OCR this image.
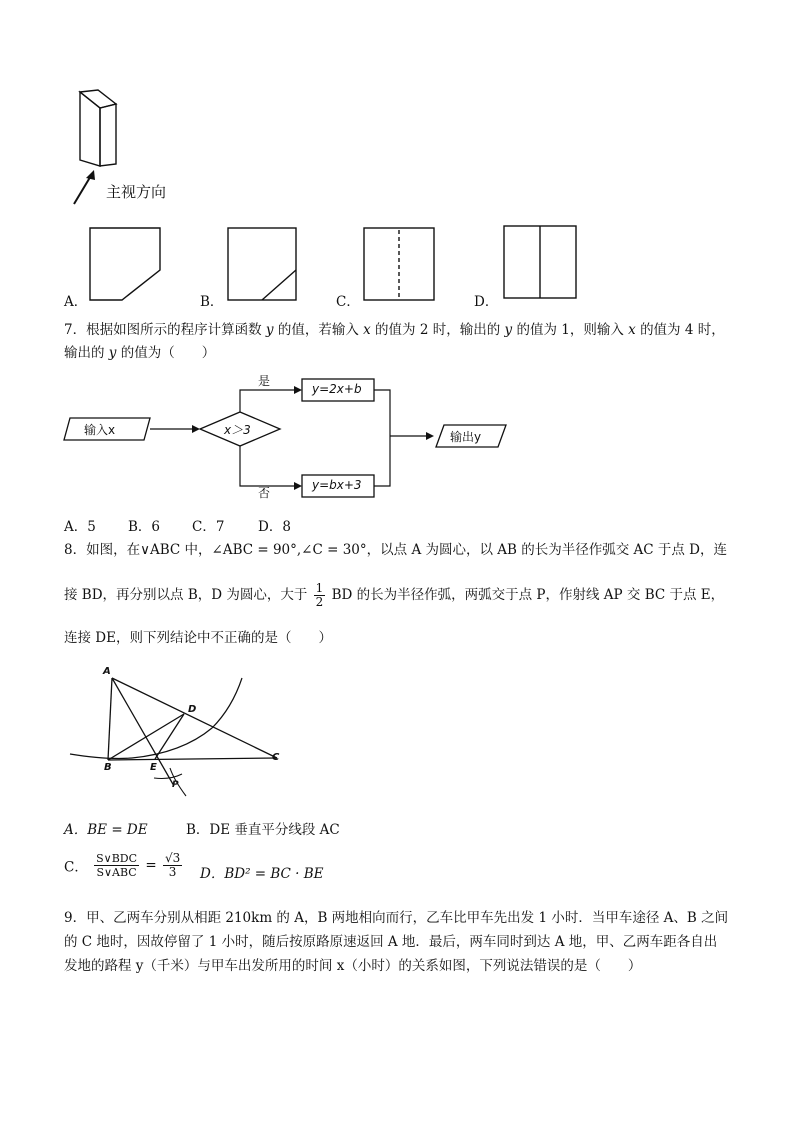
主视方向
A．	B．	C．	D．
7．根据如图所示的程序计算函数 y 的值，若输入 x 的值为 2 时，输出的 y 的值为 1，则输入 x 的值为 4 时，
输出的 y 的值为（　　）
输入x	x＞3
是
否
y=2x+b
y=bx+3
输出y
A．5 B．6 C．7 D．8
8．如图，在∨ABC 中，∠ABC = 90°,∠C = 30°，以点 A 为圆心，以 AB 的长为半径作弧交 AC 于点 D，连
接 BD，再分别以点 B，D 为圆心，大于 $\frac{1}{2}$ BD 的长为半径作弧，两弧交于点 P，作射线 AP 交 BC 于点 E，
连接 DE，则下列结论中不正确的是（　　）
A
D
B	E
C
P
A．BE = DE	B．DE 垂直平分线段 AC
C． $\frac{\text{S∨BDC}}{\text{S∨ABC}} = \frac{√3}{3}$ D．BD² = BC · BE
9．甲、乙两车分别从相距 210km 的 A，B 两地相向而行，乙车比甲车先出发 1 小时．当甲车途径 A、B 之间
的 C 地时，因故停留了 1 小时，随后按原路原速返回 A 地．最后，两车同时到达 A 地，甲、乙两车距各自出
发地的路程 y（千米）与甲车出发所用的时间 x（小时）的关系如图，下列说法错误的是（　　）
